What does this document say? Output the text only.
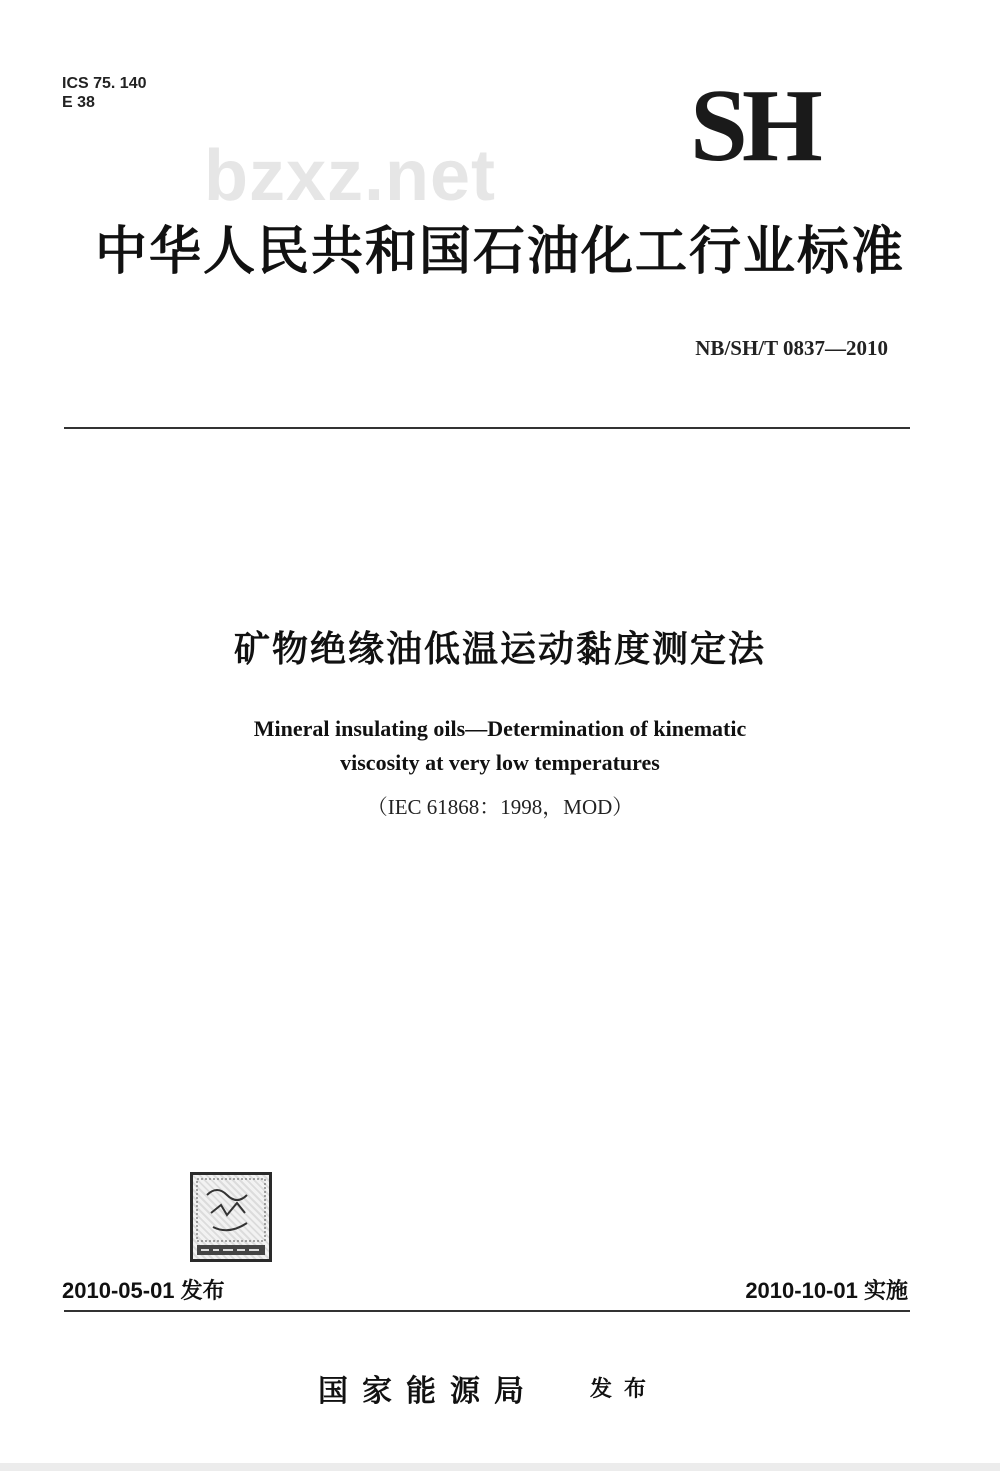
ICS 75. 140
E 38	SH
bzxz.net
中华人民共和国石油化工行业标准
NB/SH/T 0837—2010
矿物绝缘油低温运动黏度测定法
Mineral insulating oils—Determination of kinematic
viscosity at very low temperatures
（IEC 61868：1998，MOD）
2010-05-01 发布	2010-10-01 实施
国家能源局 发布
